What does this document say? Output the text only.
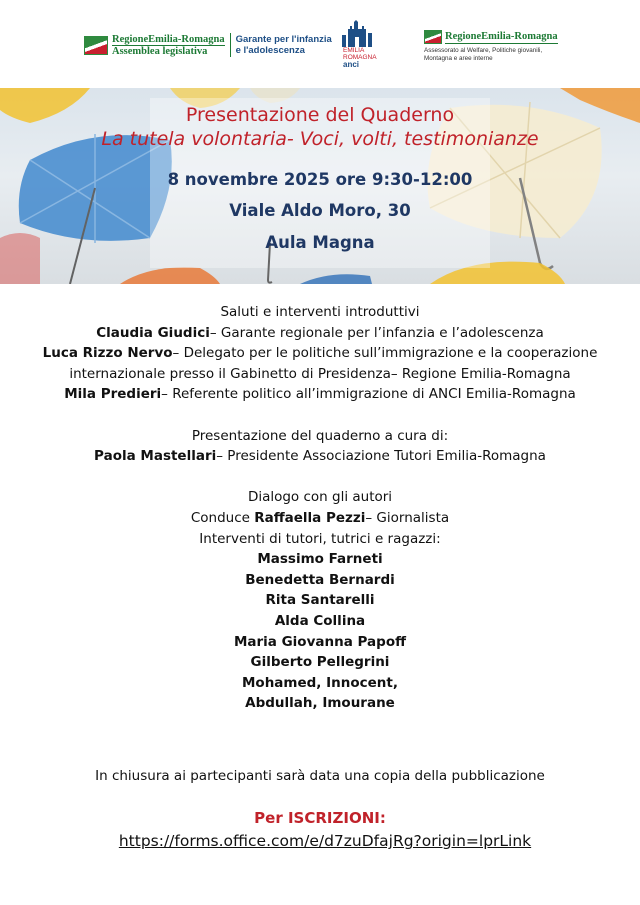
RegioneEmilia-Romagna
Assemblea legislativa
Garante per l'infanzia
e l'adolescenza	EMILIA
ROMAGNA
anci
RegioneEmilia-Romagna
Assessorato al Welfare, Politiche giovanili,
Montagna e aree interne
Presentazione del Quaderno
La tutela volontaria- Voci, volti, testimonianze
8 novembre 2025 ore 9:30-12:00
Viale Aldo Moro, 30
Aula Magna
Saluti e interventi introduttivi
Claudia Giudici– Garante regionale per l’infanzia e l’adolescenza
Luca Rizzo Nervo– Delegato per le politiche sull’immigrazione e la cooperazione internazionale presso il Gabinetto di Presidenza– Regione Emilia-Romagna
Mila Predieri– Referente politico all’immigrazione di ANCI Emilia-Romagna
Presentazione del quaderno a cura di:
Paola Mastellari– Presidente Associazione Tutori Emilia-Romagna
Dialogo con gli autori
Conduce Raffaella Pezzi– Giornalista
Interventi di tutori, tutrici e ragazzi:
Massimo Farneti
Benedetta Bernardi
Rita Santarelli
Alda Collina
Maria Giovanna Papoff
Gilberto Pellegrini
Mohamed, Innocent,
Abdullah, Imourane
In chiusura ai partecipanti sarà data una copia della pubblicazione
Per ISCRIZIONI:
https://forms.office.com/e/d7zuDfajRg?origin=lprLink
